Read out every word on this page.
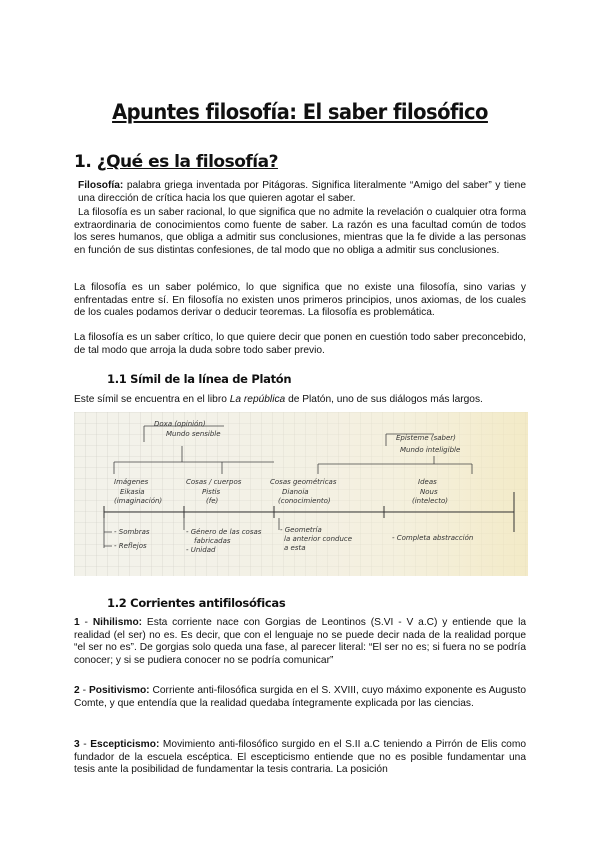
Apuntes filosofía: El saber filosófico
1. ¿Qué es la filosofía?
Filosofía: palabra griega inventada por Pitágoras. Significa literalmente “Amigo del saber” y tiene una dirección de crítica hacia los que quieren agotar el saber.
La filosofía es un saber racional, lo que significa que no admite la revelación o cualquier otra forma extraordinaria de conocimientos como fuente de saber. La razón es una facultad común de todos los seres humanos, que obliga a admitir sus conclusiones, mientras que la fe divide a las personas en función de sus distintas confesiones, de tal modo que no obliga a admitir sus conclusiones.
La filosofía es un saber polémico, lo que significa que no existe una filosofía, sino varias y enfrentadas entre sí. En filosofía no existen unos primeros principios, unos axiomas, de los cuales de los cuales podamos derivar o deducir teoremas. La filosofía es problemática.
La filosofía es un saber crítico, lo que quiere decir que ponen en cuestión todo saber preconcebido, de tal modo que arroja la duda sobre todo saber previo.
1.1 Símil de la línea de Platón
Este símil se encuentra en el libro La república de Platón, uno de sus diálogos más largos.
Doxa (opinión)
Mundo sensible	Episteme (saber)
Mundo inteligible
Imágenes
Eikasia
(imaginación)
Cosas / cuerpos
Pistis
(fe)
Cosas geométricas
Dianoia
(conocimiento)
Ideas
Nous
(intelecto)
- Sombras
- Reflejos
- Género de las cosas
fabricadas
- Unidad
- Geometría
la anterior conduce
a esta
- Completa abstracción
1.2 Corrientes antifilosóficas
1 - Nihilismo: Esta corriente nace con Gorgias de Leontinos (S.VI - V a.C) y entiende que la realidad (el ser) no es. Es decir, que con el lenguaje no se puede decir nada de la realidad porque “el ser no es”. De gorgias solo queda una fase, al parecer literal: “El ser no es; si fuera no se podría conocer; y si se pudiera conocer no se podría comunicar”
2 - Positivismo: Corriente anti-filosófica surgida en el S. XVIII, cuyo máximo exponente es Augusto Comte, y que entendía que la realidad quedaba íntegramente explicada por las ciencias.
3 - Escepticismo: Movimiento anti-filosófico surgido en el S.II a.C teniendo a Pirrón de Elis como fundador de la escuela escéptica. El escepticismo entiende que no es posible fundamentar una tesis ante la posibilidad de fundamentar la tesis contraria. La posición
